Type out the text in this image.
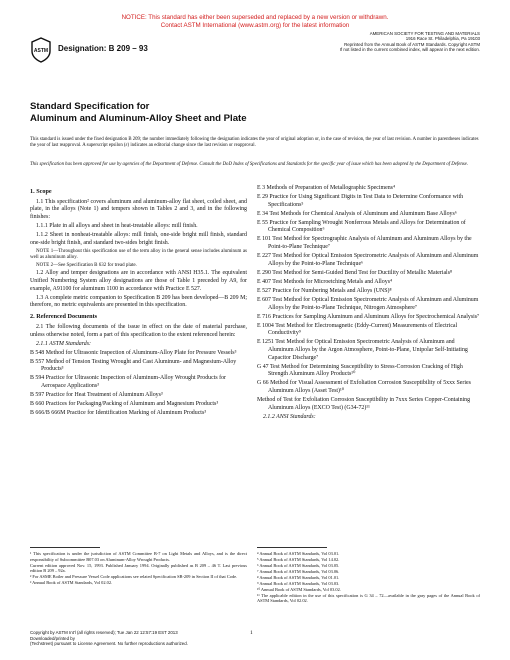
NOTICE: This standard has either been superseded and replaced by a new version or withdrawn.
Contact ASTM International (www.astm.org) for the latest information
ASTM Designation: B 209 – 93
AMERICAN SOCIETY FOR TESTING AND MATERIALS
1916 Race St. Philadelphia, Pa 19103
Reprinted from the Annual Book of ASTM Standards. Copyright ASTM
If not listed in the current combined index, will appear in the next edition.
Standard Specification for
Aluminum and Aluminum-Alloy Sheet and Plate
This standard is issued under the fixed designation B 209; the number immediately following the designation indicates the year of original adoption or, in the case of revision, the year of last revision. A number in parentheses indicates the year of last reapproval. A superscript epsilon (ε) indicates an editorial change since the last revision or reapproval.
This specification has been approved for use by agencies of the Department of Defense. Consult the DoD Index of Specifications and Standards for the specific year of issue which has been adopted by the Department of Defense.
1. Scope

1.1 This specification² covers aluminum and aluminum-alloy flat sheet, coiled sheet, and plate, in the alloys (Note 1) and tempers shown in Tables 2 and 3, and in the following finishes:

1.1.1 Plate in all alloys and sheet in heat-treatable alloys: mill finish.

1.1.2 Sheet in nonheat-treatable alloys: mill finish, one-side bright mill finish, standard one-side bright finish, and standard two-sides bright finish.

NOTE 1—Throughout this specification use of the term alloy in the general sense includes aluminum as well as aluminum alloy.

NOTE 2—See Specification B 632 for tread plate.

1.2 Alloy and temper designations are in accordance with ANSI H35.1. The equivalent Unified Numbering System alloy designations are those of Table 1 preceded by A9, for example, A91100 for aluminum 1100 in accordance with Practice E 527.

1.3 A complete metric companion to Specification B 209 has been developed—B 209 M; therefore, no metric equivalents are presented in this specification.

2. Referenced Documents

2.1 The following documents of the issue in effect on the date of material purchase, unless otherwise noted, form a part of this specification to the extent referenced herein:

2.1.1 ASTM Standards:

B 548 Method for Ultrasonic Inspection of Aluminum-Alloy Plate for Pressure Vessels³

B 557 Method of Tension Testing Wrought and Cast Aluminum- and Magnesium-Alloy Products³

B 594 Practice for Ultrasonic Inspection of Aluminum-Alloy Wrought Products for Aerospace Applications³

B 597 Practice for Heat Treatment of Aluminum Alloys³

B 660 Practices for Packaging/Packing of Aluminum and Magnesium Products³

B 666/B 666M Practice for Identification Marking of Aluminum Products³

E 3 Methods of Preparation of Metallographic Specimens⁴

E 29 Practice for Using Significant Digits in Test Data to Determine Conformance with Specifications⁵

E 34 Test Methods for Chemical Analysis of Aluminum and Aluminum Base Alloys⁶

E 55 Practice for Sampling Wrought Nonferrous Metals and Alloys for Determination of Chemical Composition⁶

E 101 Test Method for Spectrographic Analysis of Aluminum and Aluminum Alloys by the Point-to-Plane Technique⁷

E 227 Test Method for Optical Emission Spectrometric Analysis of Aluminum and Aluminum Alloys by the Point-to-Plane Technique⁶

E 290 Test Method for Semi-Guided Bend Test for Ductility of Metallic Materials⁸

E 407 Test Methods for Microetching Metals and Alloys⁴

E 527 Practice for Numbering Metals and Alloys (UNS)⁸

E 607 Test Method for Optical Emission Spectrometric Analysis of Aluminum and Aluminum Alloys by the Point-to-Plane Technique, Nitrogen Atmosphere⁷

E 716 Practices for Sampling Aluminum and Aluminum Alloys for Spectrochemical Analysis⁷

E 1004 Test Method for Electromagnetic (Eddy-Current) Measurements of Electrical Conductivity⁹

E 1251 Test Method for Optical Emission Spectrometric Analysis of Aluminum and Aluminum Alloys by the Argon Atmosphere, Point-to-Plane, Unipolar Self-Initiating Capacitor Discharge⁷

G 47 Test Method for Determining Susceptibility to Stress-Corrosion Cracking of High Strength Aluminum Alloy Products¹⁰

G 66 Method for Visual Assessment of Exfoliation Corrosion Susceptibility of 5xxx Series Aluminum Alloys (Asset Test)¹⁰

Method of Test for Exfoliation Corrosion Susceptibility in 7xxx Series Copper-Containing Aluminum Alloys (EXCO Test) (G34-72)¹¹

2.1.2 ANSI Standards:

¹ This specification is under the jurisdiction of ASTM Committee B-7 on Light Metals and Alloys, and is the direct responsibility of Subcommittee B07.03 on Aluminum-Alloy Wrought Products.
Current edition approved Nov. 15, 1993. Published January 1994. Originally published as B 209 – 46 T. Last previous edition B 209 – 92a.
² For ASME Boiler and Pressure Vessel Code applications see related Specification SB-209 in Section II of that Code.
³ Annual Book of ASTM Standards, Vol 02.02.
⁴ Annual Book of ASTM Standards, Vol 03.01.
⁵ Annual Book of ASTM Standards, Vol 14.02.
⁶ Annual Book of ASTM Standards, Vol 03.05.
⁷ Annual Book of ASTM Standards, Vol 03.06.
⁸ Annual Book of ASTM Standards, Vol 01.01.
⁹ Annual Book of ASTM Standards, Vol 03.03.
¹⁰ Annual Book of ASTM Standards, Vol 03.02.
¹¹ The applicable edition in the use of this specification is G 34 – 72—available in the gray pages of the Annual Book of ASTM Standards, Vol 02.02.
Copyright by ASTM Int'l (all rights reserved); Tue Jan 22 12:57:19 EST 2013
Downloaded/printed by
(Techstreet) pursuant to License Agreement. No further reproductions authorized.
1
